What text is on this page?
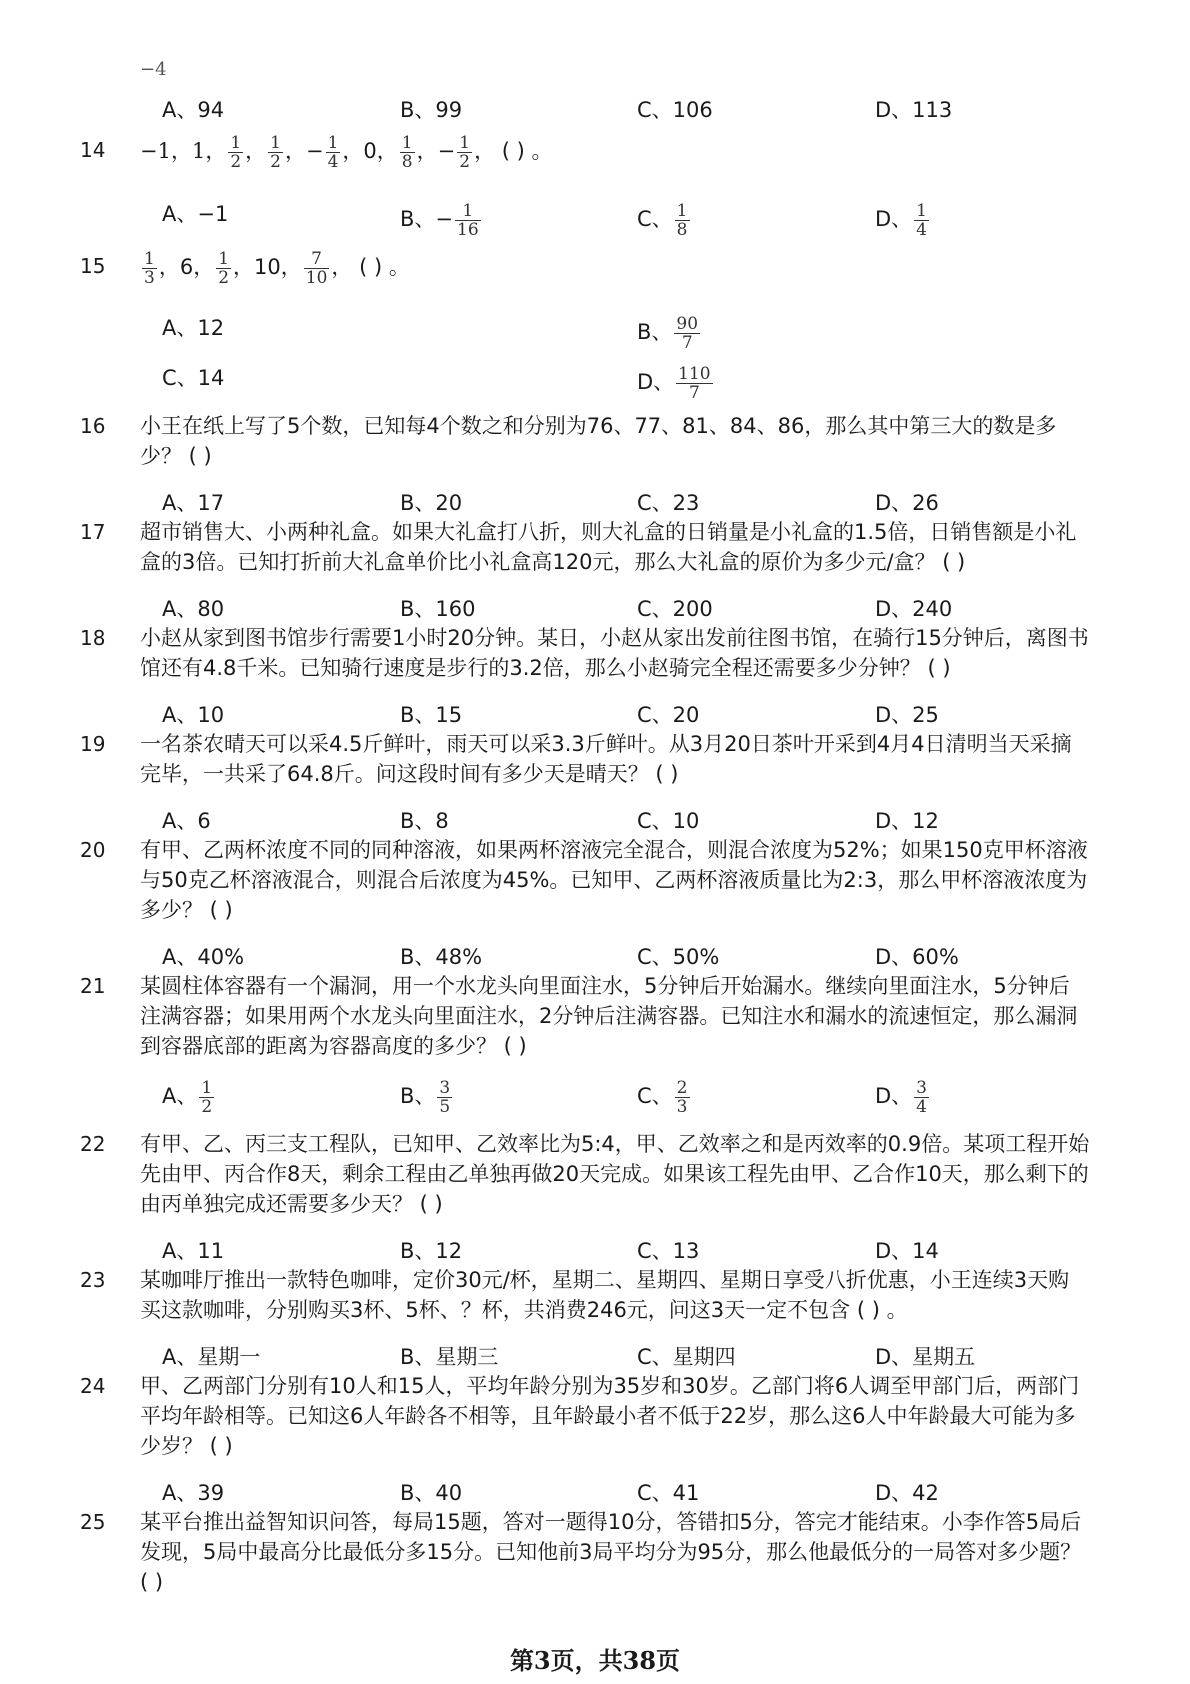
−4
A、94	B、99	C、106	D、113
14	−1，1， $\frac{1}{2}$ ， $\frac{1}{2}$ ，− $\frac{1}{4}$ ，0， $\frac{1}{8}$ ，− $\frac{1}{2}$ ， ( ) 。
A、−1	B、− $\frac{1}{16}$	C、 $\frac{1}{8}$	D、 $\frac{1}{4}$
15	$\frac{1}{3}$ ，6， $\frac{1}{2}$ ，10， $\frac{7}{10}$ ， ( ) 。
A、12	B、 $\frac{90}{7}$
C、14	D、 $\frac{110}{7}$
16	小王在纸上写了5个数，已知每4个数之和分别为76、77、81、84、86，那么其中第三大的数是多少？ ( )
A、17	B、20	C、23	D、26
17	超市销售大、小两种礼盒。如果大礼盒打八折，则大礼盒的日销量是小礼盒的1.5倍，日销售额是小礼盒的3倍。已知打折前大礼盒单价比小礼盒高120元，那么大礼盒的原价为多少元/盒？ ( )
A、80	B、160	C、200	D、240
18	小赵从家到图书馆步行需要1小时20分钟。某日，小赵从家出发前往图书馆，在骑行15分钟后，离图书馆还有4.8千米。已知骑行速度是步行的3.2倍，那么小赵骑完全程还需要多少分钟？ ( )
A、10	B、15	C、20	D、25
19	一名茶农晴天可以采4.5斤鲜叶，雨天可以采3.3斤鲜叶。从3月20日茶叶开采到4月4日清明当天采摘完毕，一共采了64.8斤。问这段时间有多少天是晴天？ ( )
A、6	B、8	C、10	D、12
20	有甲、乙两杯浓度不同的同种溶液，如果两杯溶液完全混合，则混合浓度为52%；如果150克甲杯溶液与50克乙杯溶液混合，则混合后浓度为45%。已知甲、乙两杯溶液质量比为2:3，那么甲杯溶液浓度为多少？ ( )
A、40%	B、48%	C、50%	D、60%
21	某圆柱体容器有一个漏洞，用一个水龙头向里面注水，5分钟后开始漏水。继续向里面注水，5分钟后注满容器；如果用两个水龙头向里面注水，2分钟后注满容器。已知注水和漏水的流速恒定，那么漏洞到容器底部的距离为容器高度的多少？ ( )
A、 $\frac{1}{2}$	B、 $\frac{3}{5}$	C、 $\frac{2}{3}$	D、 $\frac{3}{4}$
22	有甲、乙、丙三支工程队，已知甲、乙效率比为5:4，甲、乙效率之和是丙效率的0.9倍。某项工程开始先由甲、丙合作8天，剩余工程由乙单独再做20天完成。如果该工程先由甲、乙合作10天，那么剩下的由丙单独完成还需要多少天？ ( )
A、11	B、12	C、13	D、14
23	某咖啡厅推出一款特色咖啡，定价30元/杯，星期二、星期四、星期日享受八折优惠，小王连续3天购买这款咖啡，分别购买3杯、5杯、？杯，共消费246元，问这3天一定不包含 ( ) 。
A、星期一	B、星期三	C、星期四	D、星期五
24	甲、乙两部门分别有10人和15人，平均年龄分别为35岁和30岁。乙部门将6人调至甲部门后，两部门平均年龄相等。已知这6人年龄各不相等，且年龄最小者不低于22岁，那么这6人中年龄最大可能为多少岁？ ( )
A、39	B、40	C、41	D、42
25	某平台推出益智知识问答，每局15题，答对一题得10分，答错扣5分，答完才能结束。小李作答5局后发现，5局中最高分比最低分多15分。已知他前3局平均分为95分，那么他最低分的一局答对多少题？ ( )
第3页，共38页
